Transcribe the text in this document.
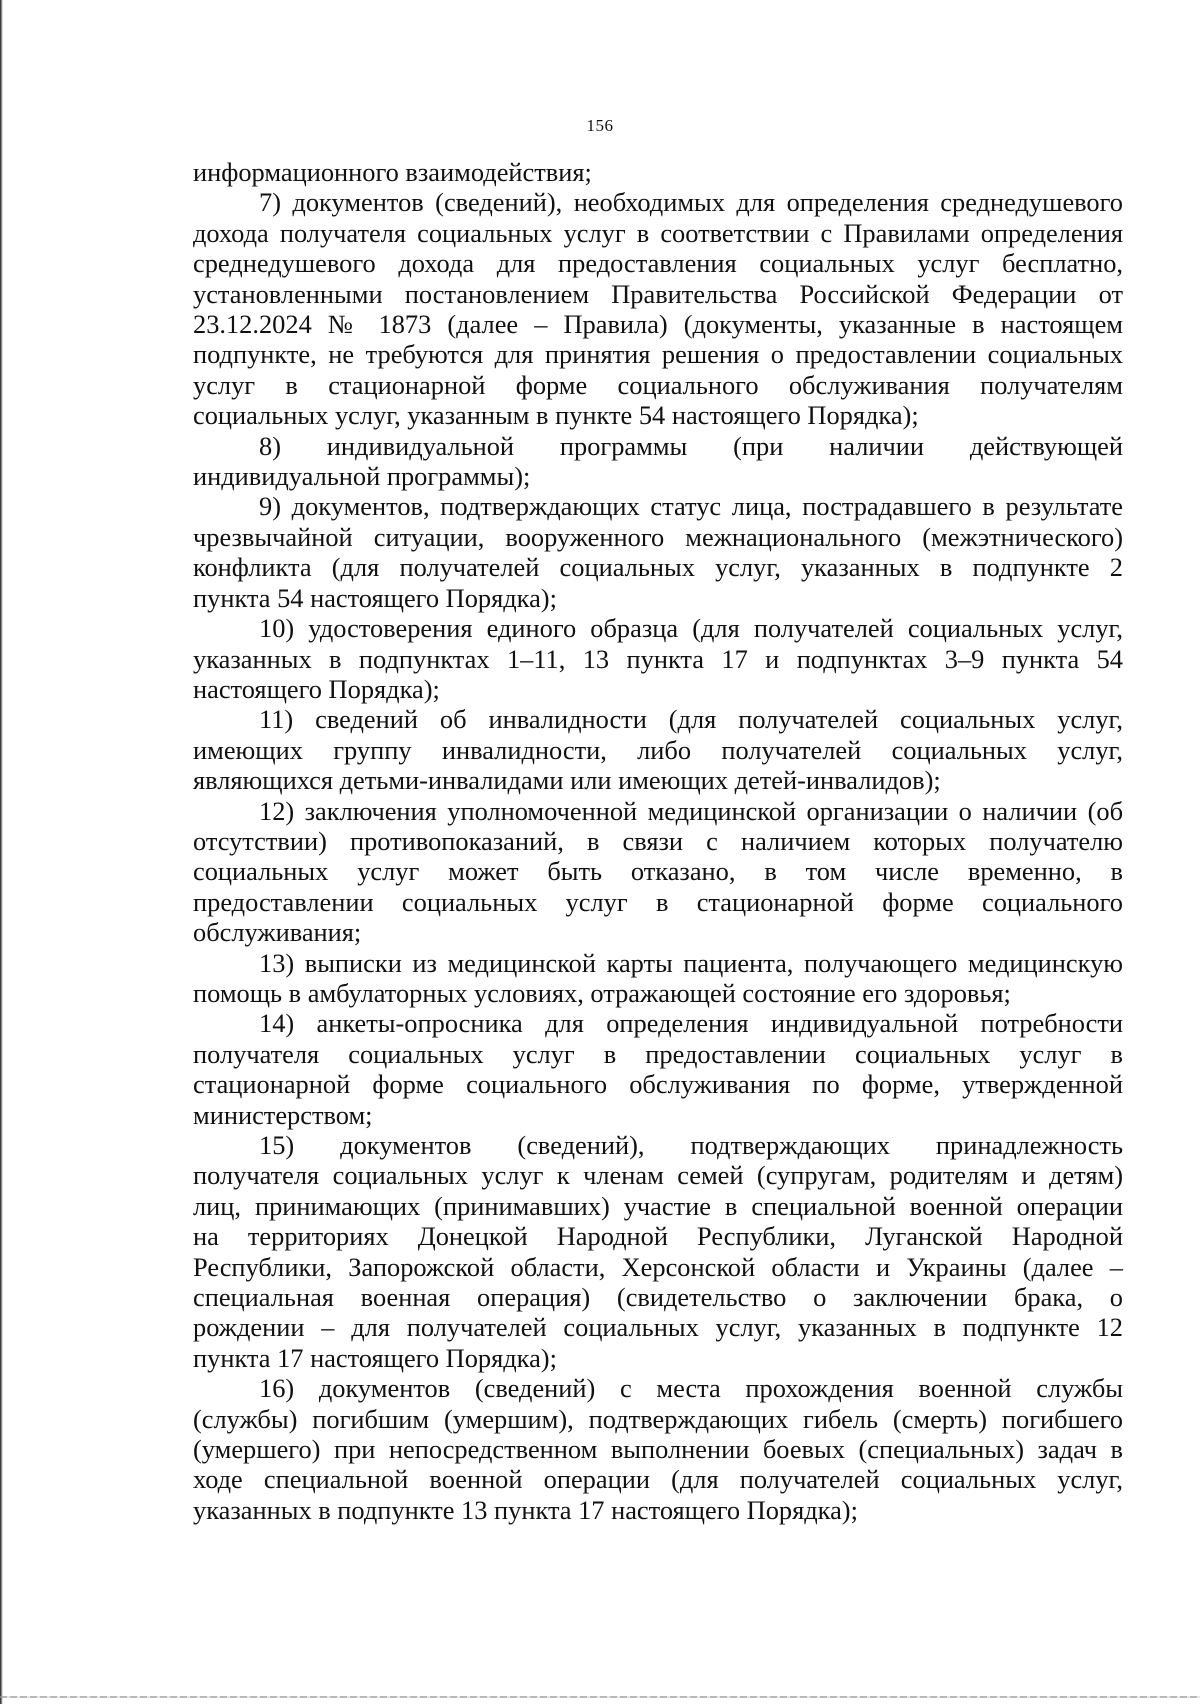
156

информационного взаимодействия;

7) документов (сведений), необходимых для определения среднедушевого
дохода получателя социальных услуг в соответствии с Правилами определения
среднедушевого дохода для предоставления социальных услуг бесплатно,
установленными постановлением Правительства Российской Федерации от
23.12.2024 № 1873 (далее – Правила) (документы, указанные в настоящем
подпункте, не требуются для принятия решения о предоставлении социальных
услуг в стационарной форме социального обслуживания получателям
социальных услуг, указанным в пункте 54 настоящего Порядка);

8) индивидуальной программы (при наличии действующей
индивидуальной программы);

9) документов, подтверждающих статус лица, пострадавшего в результате
чрезвычайной ситуации, вооруженного межнационального (межэтнического)
конфликта (для получателей социальных услуг, указанных в подпункте 2
пункта 54 настоящего Порядка);

10) удостоверения единого образца (для получателей социальных услуг,
указанных в подпунктах 1–11, 13 пункта 17 и подпунктах 3–9 пункта 54
настоящего Порядка);

11) сведений об инвалидности (для получателей социальных услуг,
имеющих группу инвалидности, либо получателей социальных услуг,
являющихся детьми-инвалидами или имеющих детей-инвалидов);

12) заключения уполномоченной медицинской организации о наличии (об
отсутствии) противопоказаний, в связи с наличием которых получателю
социальных услуг может быть отказано, в том числе временно, в
предоставлении социальных услуг в стационарной форме социального
обслуживания;

13) выписки из медицинской карты пациента, получающего медицинскую
помощь в амбулаторных условиях, отражающей состояние его здоровья;

14) анкеты-опросника для определения индивидуальной потребности
получателя социальных услуг в предоставлении социальных услуг в
стационарной форме социального обслуживания по форме, утвержденной
министерством;

15) документов (сведений), подтверждающих принадлежность
получателя социальных услуг к членам семей (супругам, родителям и детям)
лиц, принимающих (принимавших) участие в специальной военной операции
на территориях Донецкой Народной Республики, Луганской Народной
Республики, Запорожской области, Херсонской области и Украины (далее –
специальная военная операция) (свидетельство о заключении брака, о
рождении – для получателей социальных услуг, указанных в подпункте 12
пункта 17 настоящего Порядка);

16) документов (сведений) с места прохождения военной службы
(службы) погибшим (умершим), подтверждающих гибель (смерть) погибшего
(умершего) при непосредственном выполнении боевых (специальных) задач в
ходе специальной военной операции (для получателей социальных услуг,
указанных в подпункте 13 пункта 17 настоящего Порядка);
